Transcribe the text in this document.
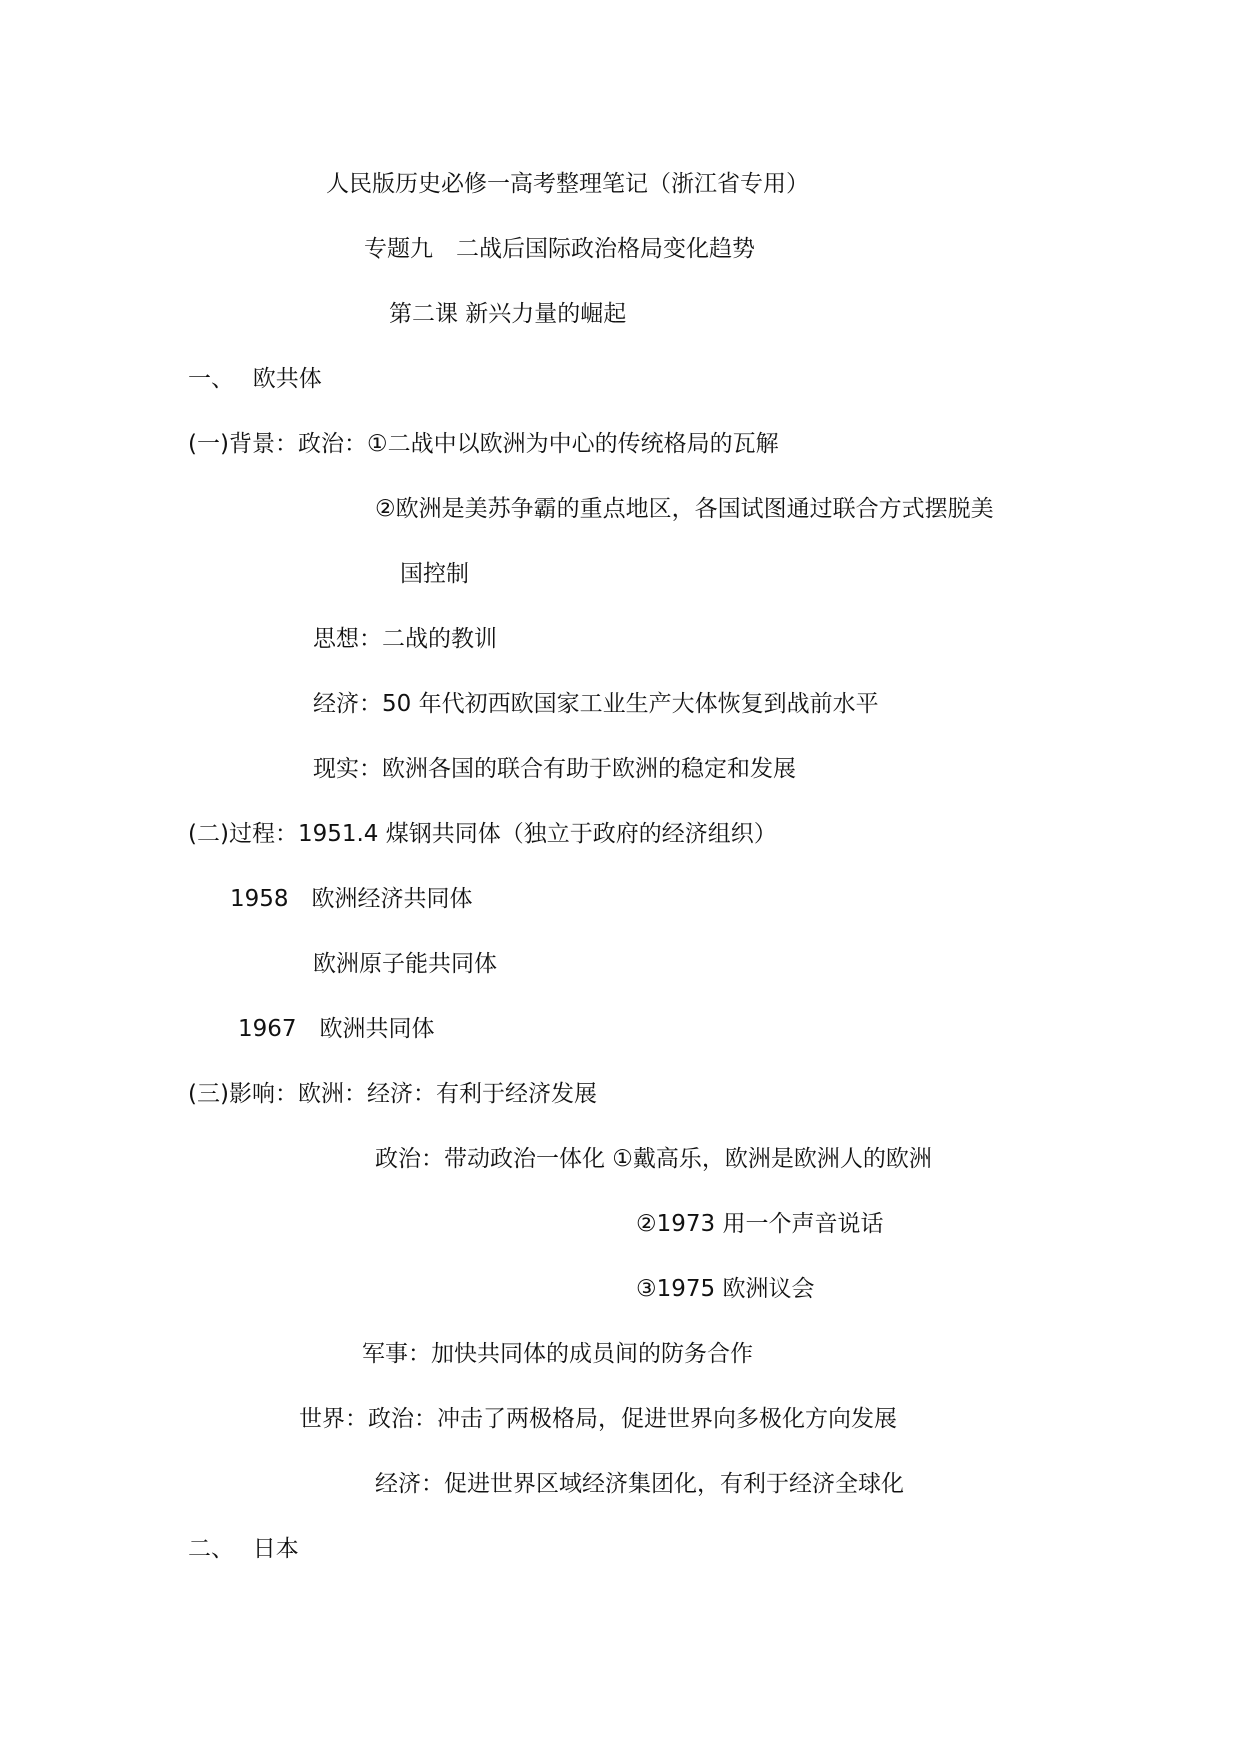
人民版历史必修一高考整理笔记（浙江省专用）
专题九　二战后国际政治格局变化趋势
第二课 新兴力量的崛起

一、　 欧共体

(一)背景：政治：①二战中以欧洲为中心的传统格局的瓦解

②欧洲是美苏争霸的重点地区，各国试图通过联合方式摆脱美

国控制

思想：二战的教训

经济：50 年代初西欧国家工业生产大体恢复到战前水平

现实：欧洲各国的联合有助于欧洲的稳定和发展

(二)过程：1951.4 煤钢共同体（独立于政府的经济组织）

1958　欧洲经济共同体

欧洲原子能共同体

1967　欧洲共同体

(三)影响：欧洲：经济：有利于经济发展

政治：带动政治一体化 ①戴高乐，欧洲是欧洲人的欧洲

②1973 用一个声音说话

③1975 欧洲议会

军事：加快共同体的成员间的防务合作

世界：政治：冲击了两极格局，促进世界向多极化方向发展

经济：促进世界区域经济集团化，有利于经济全球化

二、　 日本
